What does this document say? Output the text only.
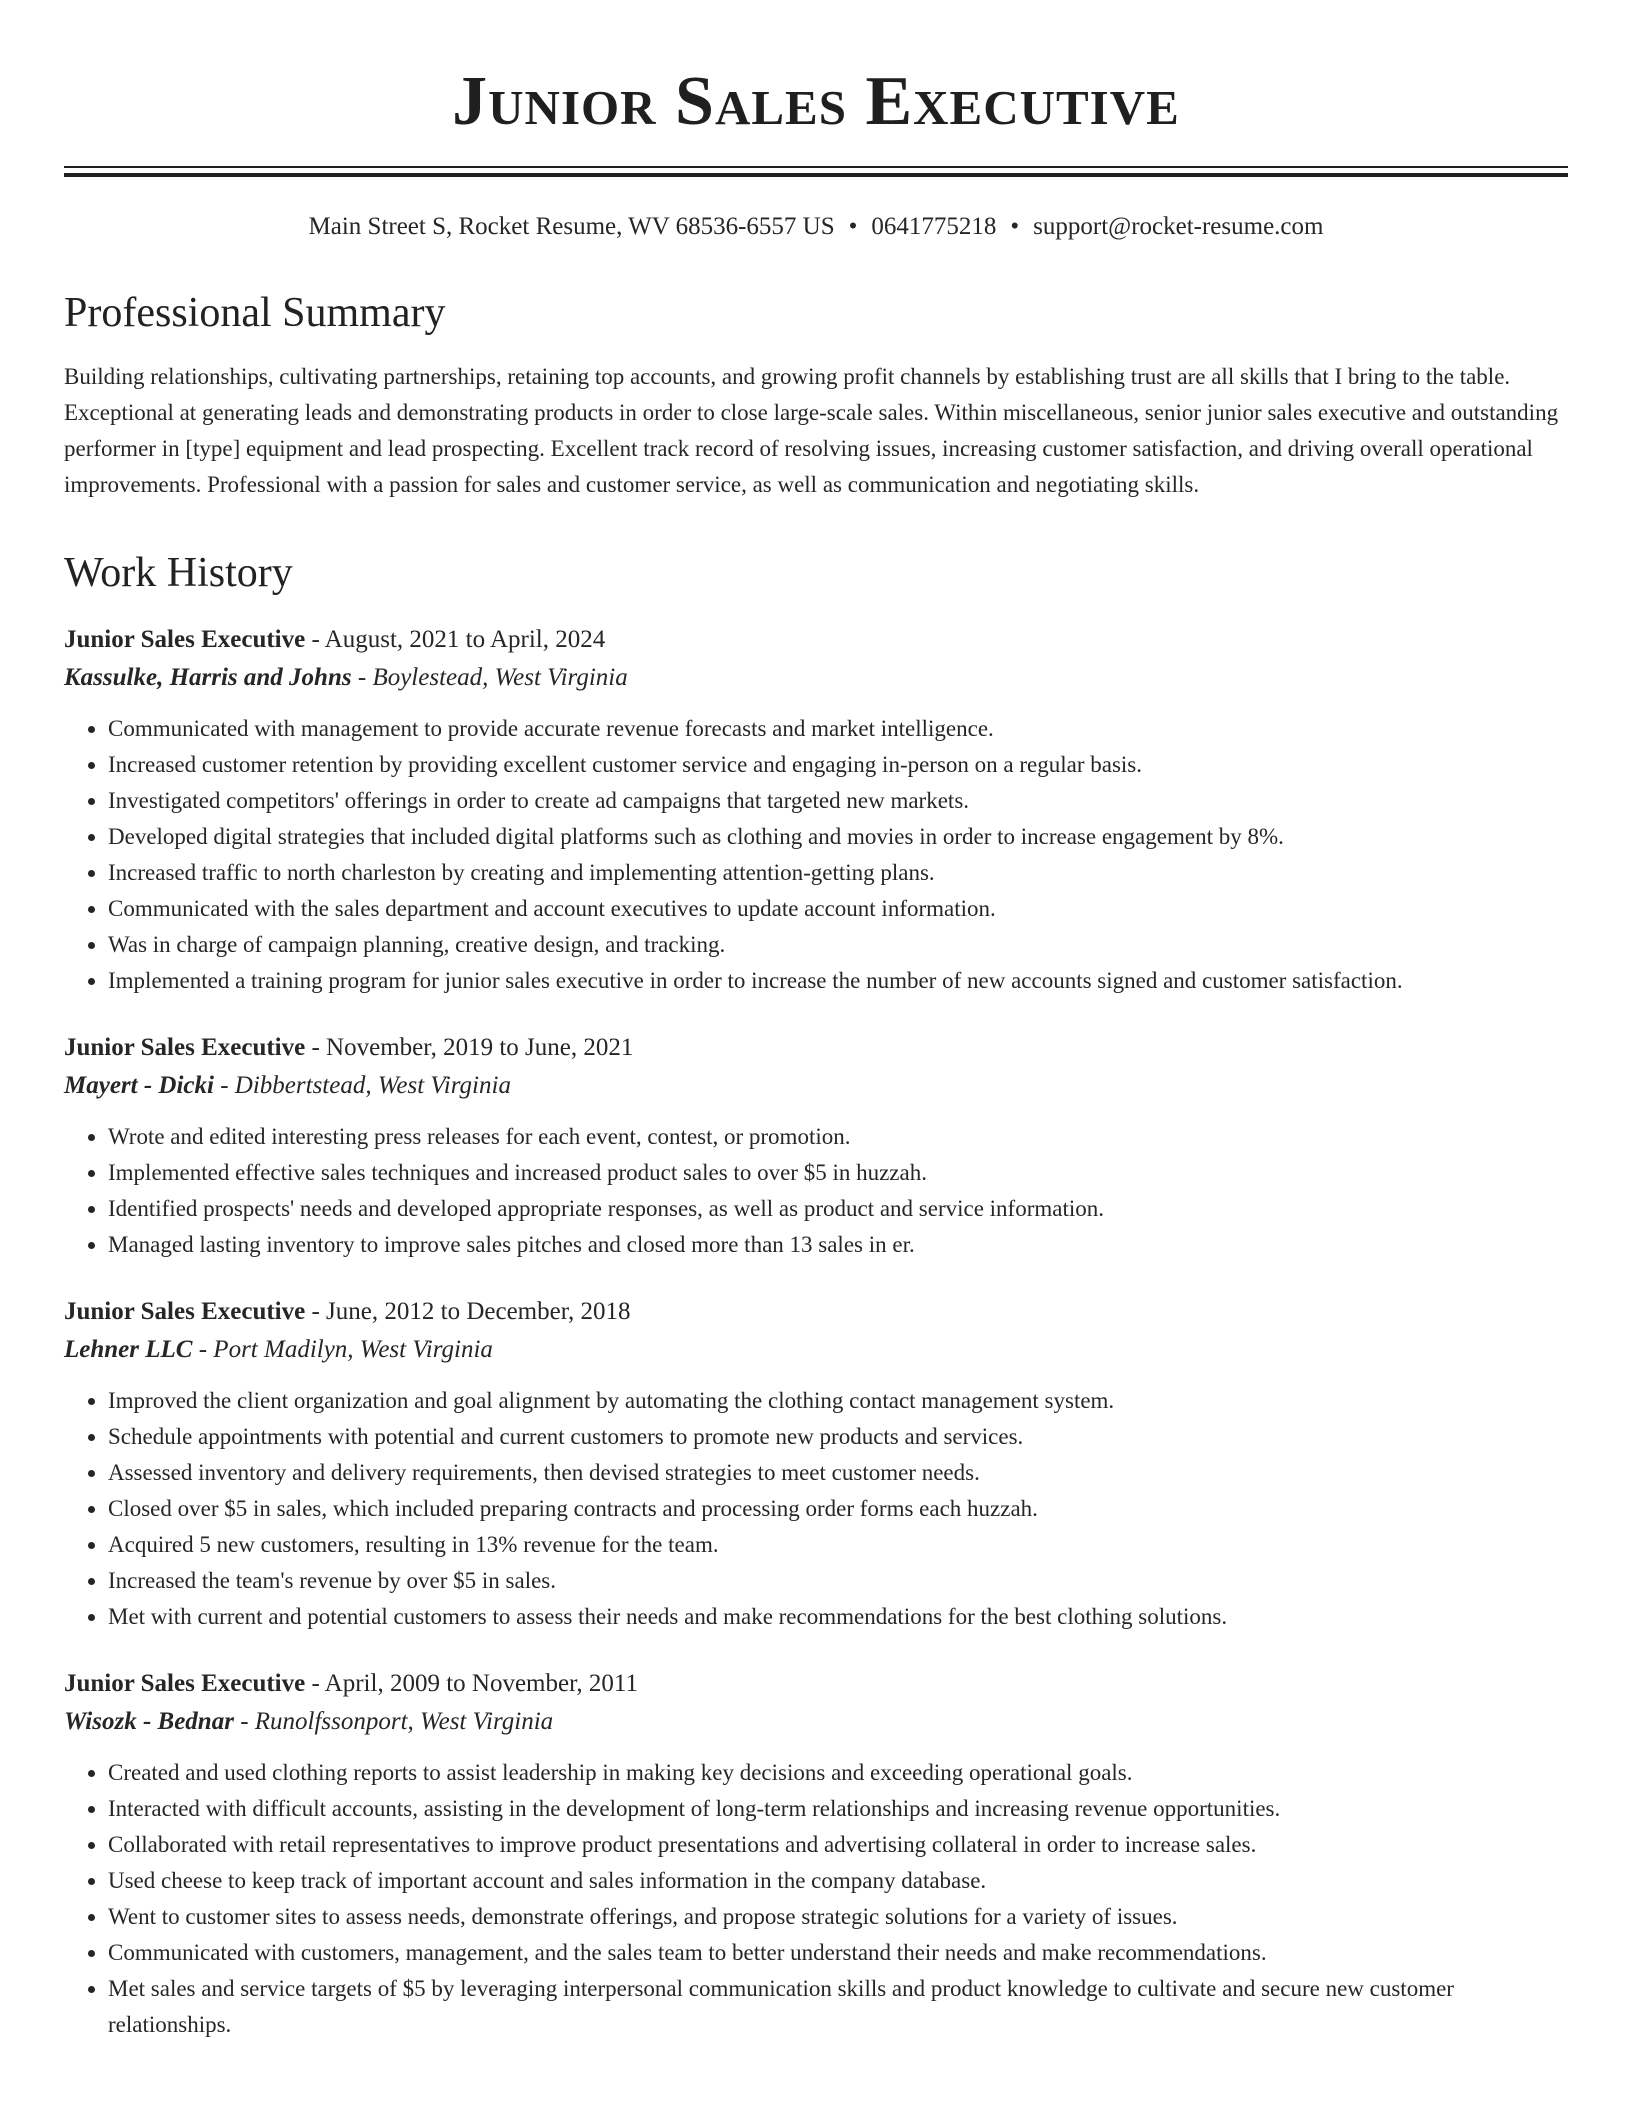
Junior Sales Executive
Main Street S, Rocket Resume, WV 68536-6557 US • 0641775218 • support@rocket-resume.com
Professional Summary

Building relationships, cultivating partnerships, retaining top accounts, and growing profit channels by establishing trust are all skills that I bring to the table. Exceptional at generating leads and demonstrating products in order to close large-scale sales. Within miscellaneous, senior junior sales executive and outstanding performer in [type] equipment and lead prospecting. Excellent track record of resolving issues, increasing customer satisfaction, and driving overall operational improvements. Professional with a passion for sales and customer service, as well as communication and negotiating skills.

Work History
Junior Sales Executive - August, 2021 to April, 2024
Kassulke, Harris and Johns - Boylestead, West Virginia
• Communicated with management to provide accurate revenue forecasts and market intelligence.
• Increased customer retention by providing excellent customer service and engaging in-person on a regular basis.
• Investigated competitors' offerings in order to create ad campaigns that targeted new markets.
• Developed digital strategies that included digital platforms such as clothing and movies in order to increase engagement by 8%.
• Increased traffic to north charleston by creating and implementing attention-getting plans.
• Communicated with the sales department and account executives to update account information.
• Was in charge of campaign planning, creative design, and tracking.
• Implemented a training program for junior sales executive in order to increase the number of new accounts signed and customer satisfaction.
Junior Sales Executive - November, 2019 to June, 2021
Mayert - Dicki - Dibbertstead, West Virginia
• Wrote and edited interesting press releases for each event, contest, or promotion.
• Implemented effective sales techniques and increased product sales to over $5 in huzzah.
• Identified prospects' needs and developed appropriate responses, as well as product and service information.
• Managed lasting inventory to improve sales pitches and closed more than 13 sales in er.
Junior Sales Executive - June, 2012 to December, 2018
Lehner LLC - Port Madilyn, West Virginia
• Improved the client organization and goal alignment by automating the clothing contact management system.
• Schedule appointments with potential and current customers to promote new products and services.
• Assessed inventory and delivery requirements, then devised strategies to meet customer needs.
• Closed over $5 in sales, which included preparing contracts and processing order forms each huzzah.
• Acquired 5 new customers, resulting in 13% revenue for the team.
• Increased the team's revenue by over $5 in sales.
• Met with current and potential customers to assess their needs and make recommendations for the best clothing solutions.
Junior Sales Executive - April, 2009 to November, 2011
Wisozk - Bednar - Runolfssonport, West Virginia
• Created and used clothing reports to assist leadership in making key decisions and exceeding operational goals.
• Interacted with difficult accounts, assisting in the development of long-term relationships and increasing revenue opportunities.
• Collaborated with retail representatives to improve product presentations and advertising collateral in order to increase sales.
• Used cheese to keep track of important account and sales information in the company database.
• Went to customer sites to assess needs, demonstrate offerings, and propose strategic solutions for a variety of issues.
• Communicated with customers, management, and the sales team to better understand their needs and make recommendations.
• Met sales and service targets of $5 by leveraging interpersonal communication skills and product knowledge to cultivate and secure new customer relationships.
